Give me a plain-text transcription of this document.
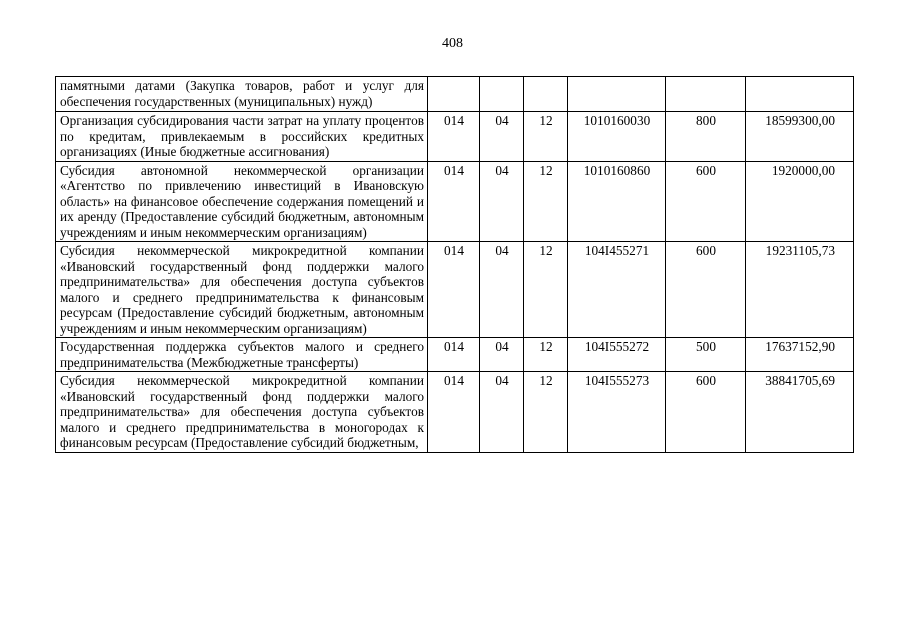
408
памятными датами (Закупка товаров, работ и услуг для обеспечения государственных (муниципальных) нужд)						
Организация субсидирования части затрат на уплату процентов по кредитам, привлекаемым в российских кредитных организациях (Иные бюджетные ассигнования)	014	04	12	1010160030	800	18599300,00
Субсидия автономной некоммерческой организации «Агентство по привлечению инвестиций в Ивановскую область» на финансовое обеспечение содержания помещений и их аренду (Предоставление субсидий бюджетным, автономным учреждениям и иным некоммерческим организациям)	014	04	12	1010160860	600	1920000,00
Субсидия некоммерческой микрокредитной компании «Ивановский государственный фонд поддержки малого предпринимательства» для обеспечения доступа субъектов малого и среднего предпринимательства к финансовым ресурсам (Предоставление субсидий бюджетным, автономным учреждениям и иным некоммерческим организациям)	014	04	12	104I455271	600	19231105,73
Государственная поддержка субъектов малого и среднего предпринимательства (Межбюджетные трансферты)	014	04	12	104I555272	500	17637152,90
Субсидия некоммерческой микрокредитной компании «Ивановский государственный фонд поддержки малого предпринимательства» для обеспечения доступа субъектов малого и среднего предпринимательства в моногородах к финансовым ресурсам (Предоставление субсидий бюджетным,	014	04	12	104I555273	600	38841705,69
